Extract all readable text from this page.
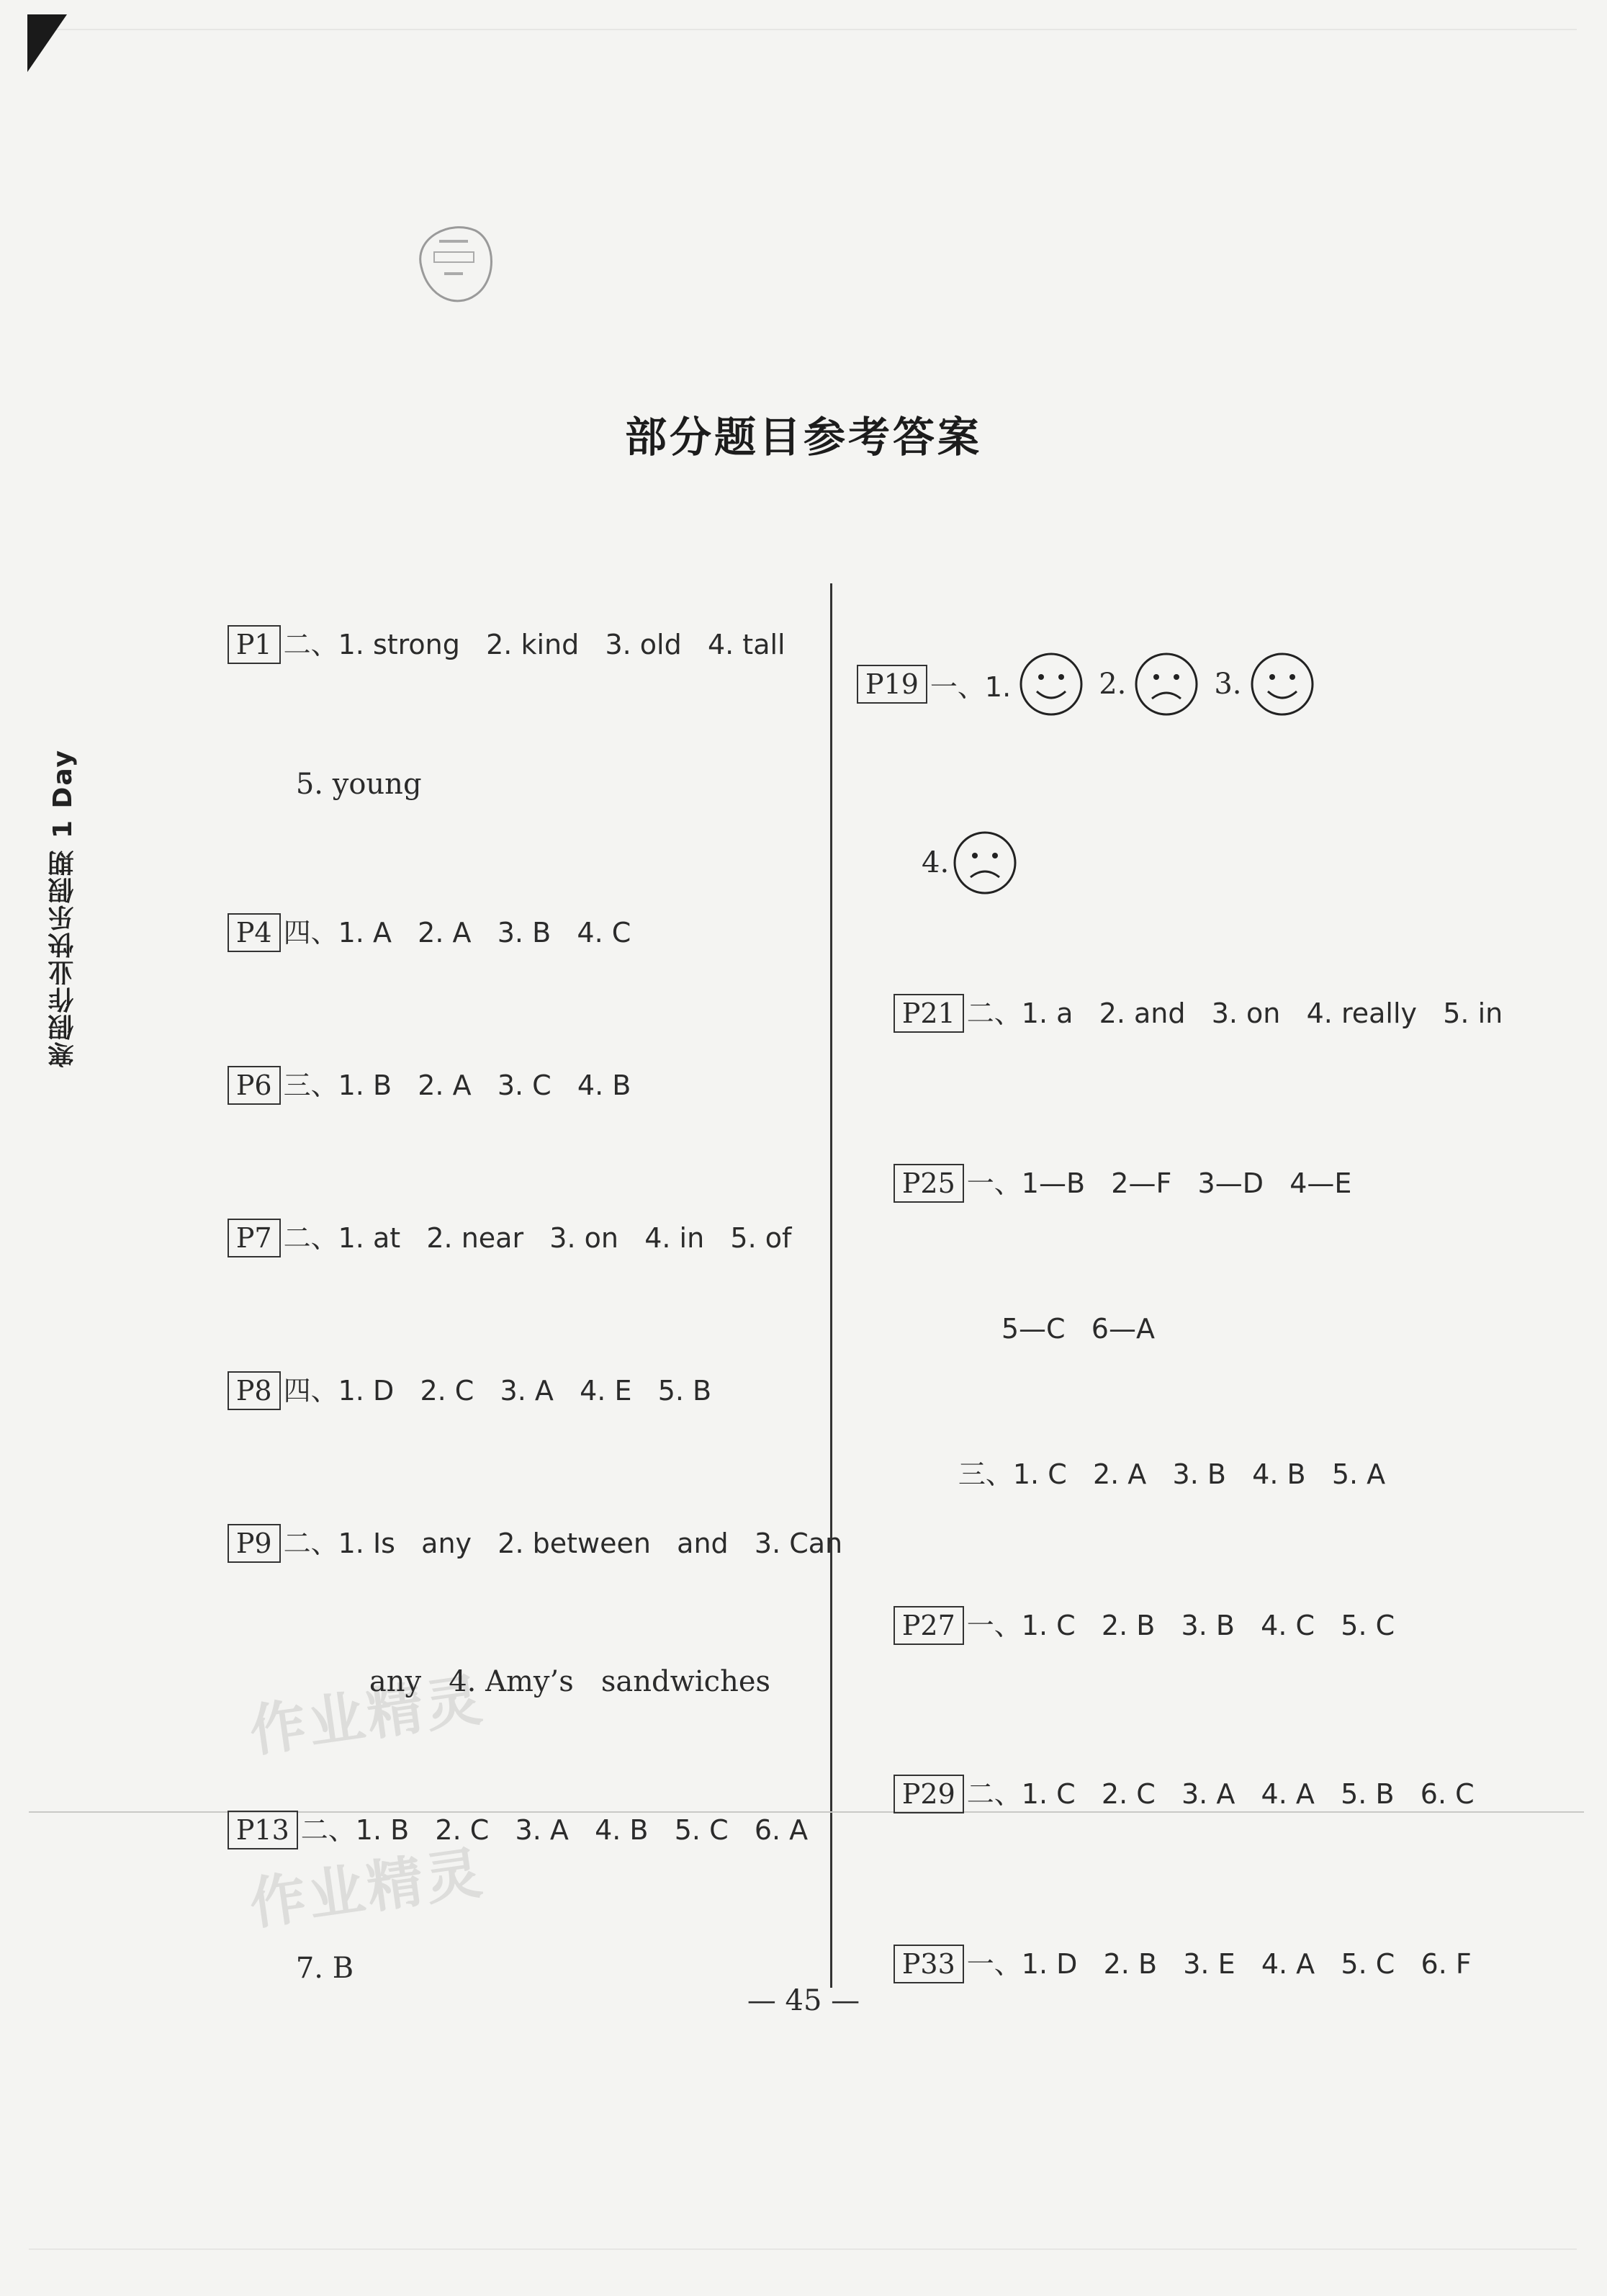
寒假作业快乐假期 1 Day
部分题目参考答案
作业精灵
作业精灵

P1 二、1. strong   2. kind   3. old   4. tall

5. young

P4 四、1. A   2. A   3. B   4. C

P6 三、1. B   2. A   3. C   4. B

P7 二、1. at   2. near   3. on   4. in   5. of

P8 四、1. D   2. C   3. A   4. E   5. B

P9 二、1. Is   any   2. between   and   3. Can

any   4. Amy’s   sandwiches

P13 二、1. B   2. C   3. A   4. B   5. C   6. A

7. B

P19 一、1.

	2.

	3.

4.

P21 二、1. a   2. and   3. on   4. really   5. in

P25 一、1—B   2—F   3—D   4—E

5—C   6—A

三、1. C   2. A   3. B   4. B   5. A

P27 一、1. C   2. B   3. B   4. C   5. C

P29 二、1. C   2. C   3. A   4. A   5. B   6. C

P33 一、1. D   2. B   3. E   4. A   5. C   6. F

— 45 —
